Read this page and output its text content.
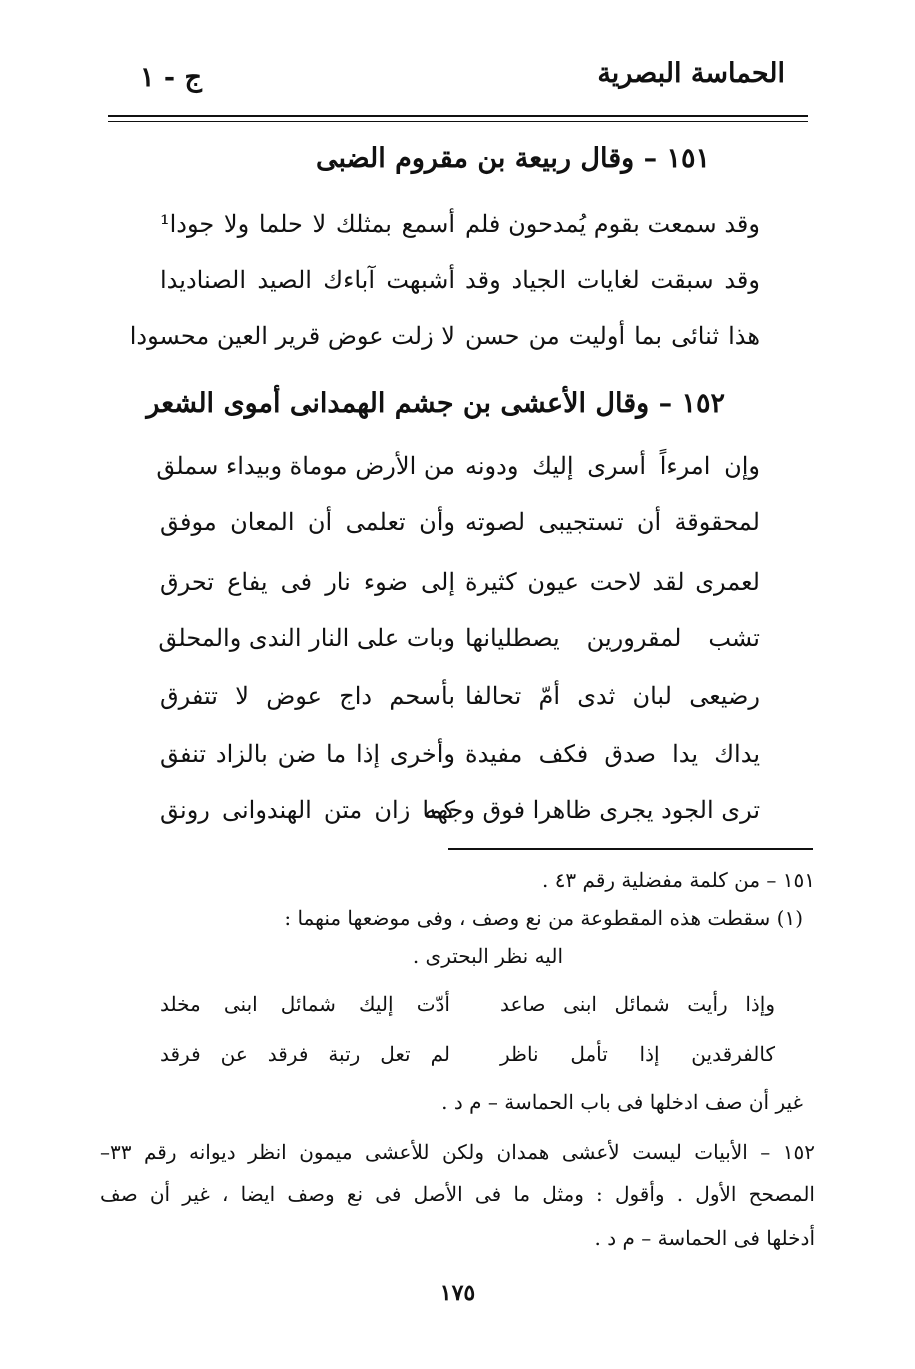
الحماسة البصرية
ج - ١
١٥١ – وقال ربيعة بن مقروم الضبى
وقد سمعت بقوم يُمدحون فلم
أسمع بمثلك لا حلما ولا جودا¹
وقد سبقت لغايات الجياد وقد
أشبهت آباءك الصيد الصناديدا
هذا ثنائى بما أوليت من حسن
لا زلت عوض قرير العين محسودا
١٥٢ – وقال الأعشى بن جشم الهمدانى أموى الشعر
وإن امرءاً أسرى إليك ودونه
من الأرض موماة وبيداء سملق
لمحقوقة أن تستجيبى لصوته
وأن تعلمى أن المعان موفق
لعمرى لقد لاحت عيون كثيرة
إلى ضوء نار فى يفاع تحرق
تشب لمقرورين يصطليانها
وبات على النار الندى والمحلق
رضيعى لبان ثدى أمّ تحالفا
بأسحم داج عوض لا تتفرق
يداك يدا صدق فكف مفيدة
وأخرى إذا ما ضن بالزاد تنفق
ترى الجود يجرى ظاهرا فوق وجهه
كما زان متن الهندوانى رونق
١٥١ – من كلمة مفضلية رقم ٤٣ .
(١) سقطت هذه المقطوعة من نع وصف ، وفى موضعها منهما :
اليه نظر البحترى .
وإذا رأيت شمائل ابنى صاعد
أدّت إليك شمائل ابنى مخلد
كالفرقدين إذا تأمل ناظر
لم تعل رتبة فرقد عن فرقد
غير أن صف ادخلها فى باب الحماسة – م د .
١٥٢ – الأبيات ليست لأعشى همدان ولكن للأعشى ميمون انظر ديوانه رقم ٣٣–
المصحح الأول . وأقول : ومثل ما فى الأصل فى نع وصف ايضا ، غير أن صف
أدخلها فى الحماسة – م د .
١٧٥
